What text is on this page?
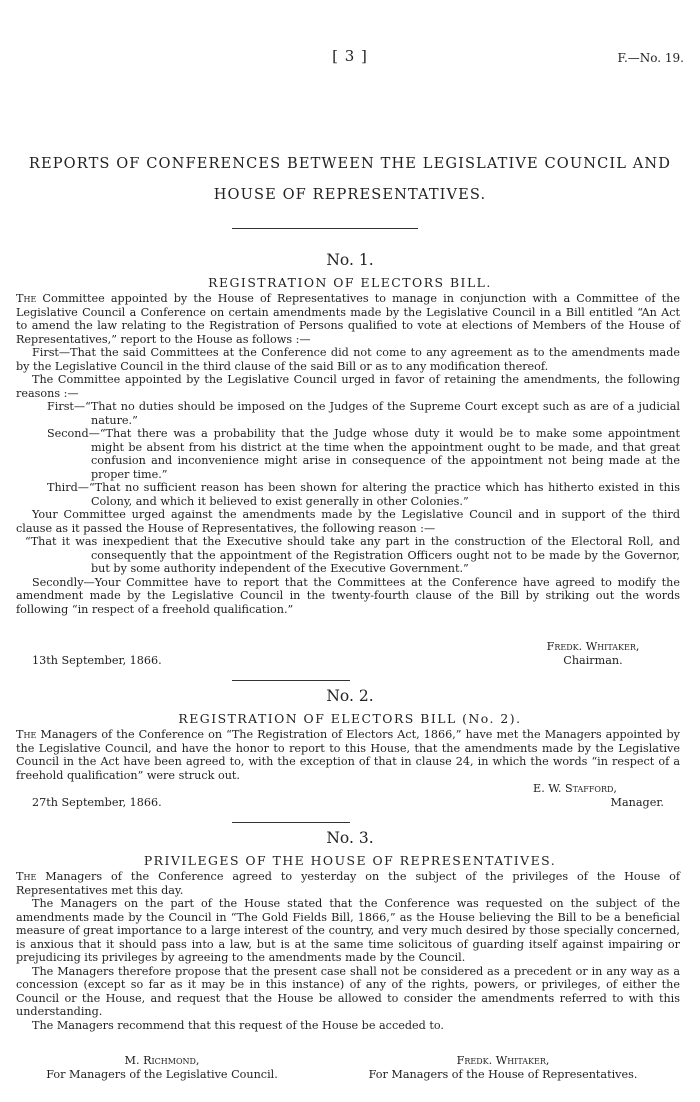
[ 3 ]	F.—No. 19.
REPORTS OF CONFERENCES BETWEEN THE LEGISLATIVE COUNCIL AND
HOUSE OF REPRESENTATIVES.
No. 1.
REGISTRATION OF ELECTORS BILL.

The Committee appointed by the House of Representatives to manage in conjunction with a Committee of the Legislative Council a Conference on certain amendments made by the Legislative Council in a Bill entitled “An Act to amend the law relating to the Registration of Persons qualified to vote at elections of Members of the House of Representatives,” report to the House as follows :—

First—That the said Committees at the Conference did not come to any agreement as to the amendments made by the Legislative Council in the third clause of the said Bill or as to any modification thereof.

The Committee appointed by the Legislative Council urged in favor of retaining the amendments, the following reasons :—

First—“That no duties should be imposed on the Judges of the Supreme Court except such as are of a judicial nature.”

Second—“That there was a probability that the Judge whose duty it would be to make some appointment might be absent from his district at the time when the appointment ought to be made, and that great confusion and inconvenience might arise in consequence of the appointment not being made at the proper time.”

Third—“That no sufficient reason has been shown for altering the practice which has hitherto existed in this Colony, and which it believed to exist generally in other Colonies.”

Your Committee urged against the amendments made by the Legislative Council and in support of the third clause as it passed the House of Representatives, the following reason :—

“That it was inexpedient that the Executive should take any part in the construction of the Electoral Roll, and consequently that the appointment of the Registration Officers ought not to be made by the Governor, but by some authority independent of the Executive Government.”

Secondly—Your Committee have to report that the Committees at the Conference have agreed to modify the amendment made by the Legislative Council in the twenty-fourth clause of the Bill by striking out the words following “in respect of a freehold qualification.”

Fredk. Whitaker,
Chairman.
13th September, 1866.
No. 2.
REGISTRATION OF ELECTORS BILL (No. 2).

The Managers of the Conference on “The Registration of Electors Act, 1866,” have met the Managers appointed by the Legislative Council, and have the honor to report to this House, that the amendments made by the Legislative Council in the Act have been agreed to, with the exception of that in clause 24, in which the words “in respect of a freehold qualification” were struck out.

E. W. Stafford,
Manager.
27th September, 1866.
No. 3.
PRIVILEGES OF THE HOUSE OF REPRESENTATIVES.

The Managers of the Conference agreed to yesterday on the subject of the privileges of the House of Representatives met this day.

The Managers on the part of the House stated that the Conference was requested on the subject of the amendments made by the Council in “The Gold Fields Bill, 1866,” as the House believing the Bill to be a beneficial measure of great importance to a large interest of the country, and very much desired by those specially concerned, is anxious that it should pass into a law, but is at the same time solicitous of guarding itself against impairing or prejudicing its privileges by agreeing to the amendments made by the Council.

The Managers therefore propose that the present case shall not be considered as a precedent or in any way as a concession (except so far as it may be in this instance) of any of the rights, powers, or privileges, of either the Council or the House, and request that the House be allowed to consider the amendments referred to with this understanding.

The Managers recommend that this request of the House be acceded to.

M. Richmond,
For Managers of the Legislative Council.
Fredk. Whitaker,
For Managers of the House of Representatives.
